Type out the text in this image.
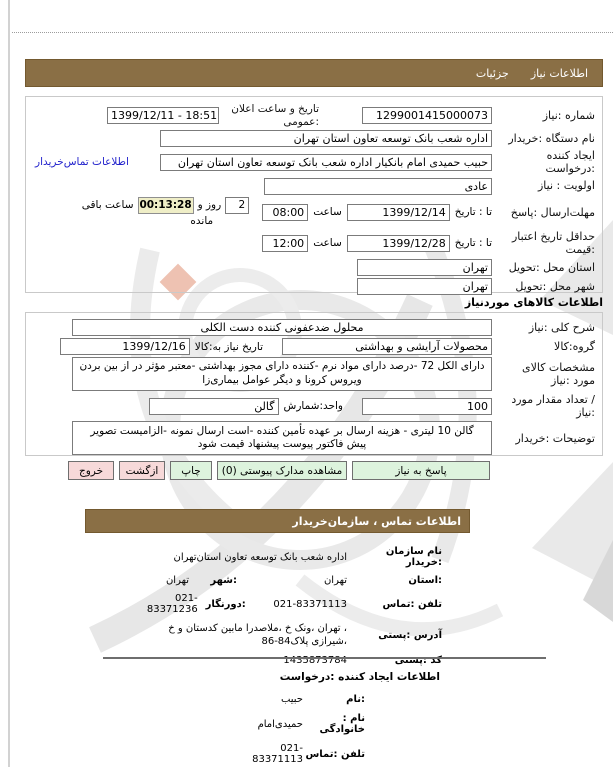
اطلاعات نیاز
جزئیات
شماره :نیاز
1299001415000073
تاریخ و ساعت اعلان :عمومی
1399/12/11 - 18:51
نام دستگاه :خریدار
اداره شعب بانک توسعه تعاون استان تهران
ایجاد کننده :درخواست
حبیب حمیدی امام بانکیار اداره شعب بانک توسعه تعاون استان تهران
اطلاعات تماس‌خریدار
اولویت : نیاز
عادی
مهلت‌ارسال :پاسخ
تا : تاریخ
1399/12/14
ساعت
08:00
2
روز و
00:13:28
ساعت باقی
مانده
حداقل تاریخ اعتبار :قیمت
تا : تاریخ
1399/12/28
ساعت
12:00
استان محل :تحویل
تهران
شهر محل :تحویل
تهران
اطلاعات کالاهای موردنیاز
شرح کلی :نیاز
محلول ضدعفونی کننده دست الکلی
گروه:کالا
محصولات آرایشی و بهداشتی
تاریخ نیاز به:کالا
1399/12/16
مشخصات کالای مورد :نیاز
دارای الکل 72 -درصد دارای مواد نرم -کننده دارای مجوز بهداشتی -معتبر مؤثر در از بین بردن ویروس کرونا و دیگر عوامل بیماری‌زا
/ تعداد مقدار مورد :نیاز
100
واحد:شمارش
گالن
توضیحات :خریدار
گالن 10 لیتری - هزینه ارسال بر عهده تأمین کننده -است ارسال نمونه -الزامیست تصویر پیش فاکتور پیوست پیشنهاد قیمت شود
پاسخ به نیاز
مشاهده مدارک پیوستی (0)
چاپ
ازگشت
خروج
اطلاعات تماس ، سازمان‌خریدار
نام سازمان :خریدار
اداره شعب بانک توسعه تعاون استان‌تهران
:استان
تهران
:شهر
تهران
تلفن :تماس
021-83371113
:دورنگار
021-83371236
آدرس :پستی
، تهران ،ونک خ ،ملاصدرا مابین کدستان و خ ،شیرازی پلاک84-86
کد :پستی
1435873784
اطلاعات ایجاد کننده :درخواست
:نام
حبیب
نام : خانوادگی
حمیدی‌امام
تلفن :تماس
021-83371113
